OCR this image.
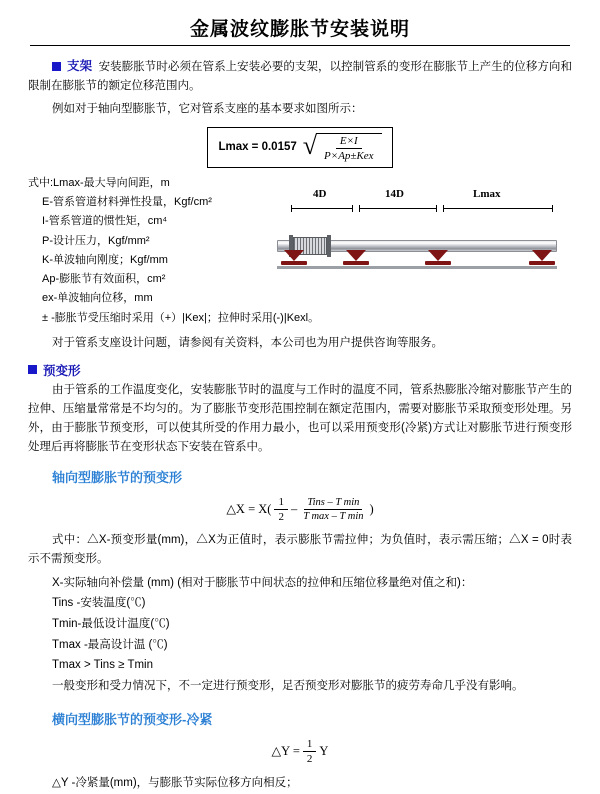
金属波纹膨胀节安装说明

支架 安装膨胀节时必须在管系上安装必要的支架，以控制管系的变形在膨胀节上产生的位移方向和限制在膨胀节的额定位移范围内。

例如对于轴向型膨胀节，它对管系支座的基本要求如图所示：

Lmax = 0.0157 √ $\frac{E\times I}{\text{P×Ap±Kex}}$
式中:Lmax-最大导向间距，m
E-管系管道材料弹性投量，Kgf/cm²
I-管系管道的惯性矩，cm⁴
P-设计压力，Kgf/mm²
K-单波轴向刚度；Kgf/mm
Ap-膨胀节有效面积，cm²
ex-单波轴向位移，mm
± -膨胀节受压缩时采用（+）|Kex|；拉伸时采用(-)|Kexl。
4D	14D	Lmax

对于管系支座设计问题，请参阅有关资料，本公司也为用户提供咨询等服务。

预变形

由于管系的工作温度变化，安装膨胀节时的温度与工作时的温度不同，管系热膨胀冷缩对膨胀节产生的拉伸、压缩量常常是不均匀的。为了膨胀节变形范围控制在额定范围内，需要对膨胀节采取预变形处理。另外，由于膨胀节预变形，可以使其所受的作用力最小，也可以采用预变形(冷紧)方式让对膨胀节进行预变形处理后再将膨胀节在变形状态下安装在管系中。

轴向型膨胀节的预变形
△X = $X( \frac{1}{2} - \frac{\text{Tins – T min}}{\text{T max – T min}}$ )

式中：△X-预变形量(mm)，△X为正值时，表示膨胀节需拉伸；为负值时，表示需压缩；△X = 0时表示不需预变形。

X-实际轴向补偿量 (mm) (相对于膨胀节中间状态的拉伸和压缩位移量绝对值之和)：

Tins -安装温度(℃)

Tmin-最低设计温度(℃)

Tmax -最高设计温 (℃)

Tmax > Tins ≥ Tmin

一般变形和受力情况下，不一定进行预变形，足否预变形对膨胀节的疲劳寿命几乎没有影响。

横向型膨胀节的预变形-冷紧
△Y = $\frac{1}{2}$ Y

△Y -冷紧量(mm)，与膨胀节实际位移方向相反；
